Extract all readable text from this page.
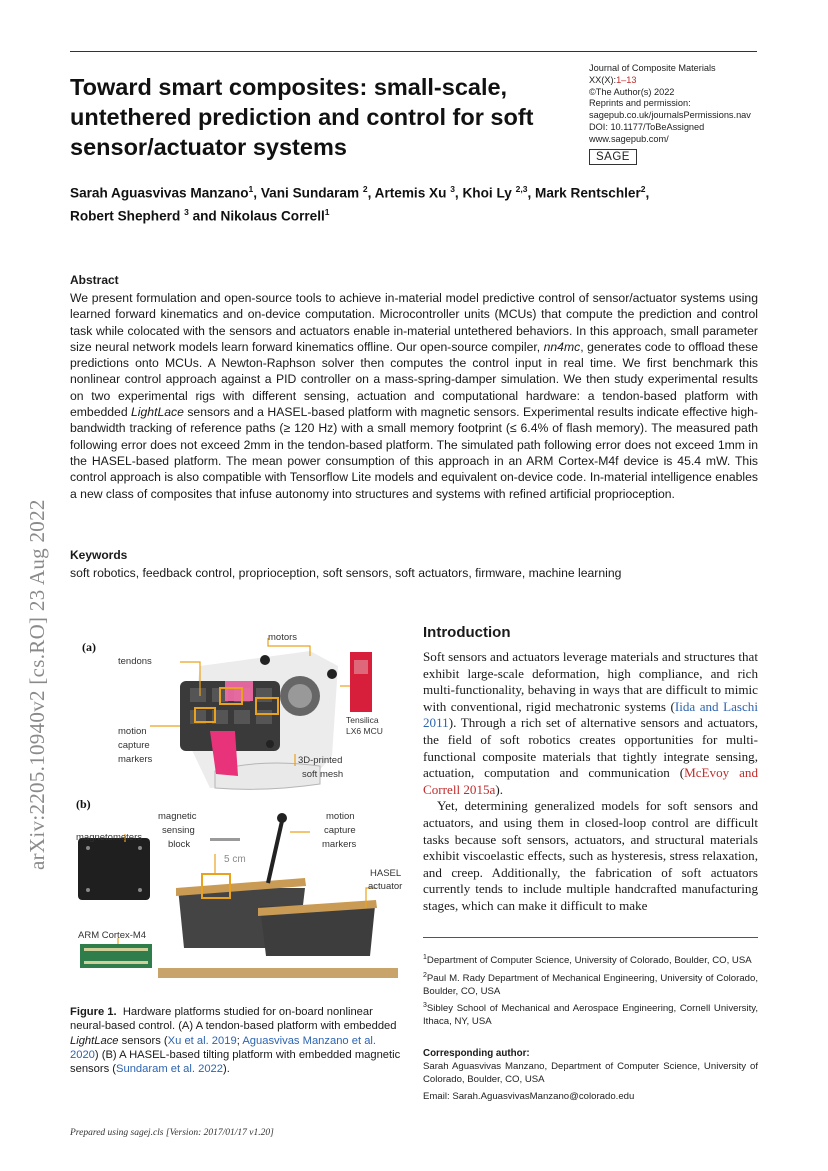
Toward smart composites: small-scale, untethered prediction and control for soft sensor/actuator systems
Journal of Composite Materials
XX(X):1–13
©The Author(s) 2022
Reprints and permission:
sagepub.co.uk/journalsPermissions.nav
DOI: 10.1177/ToBeAssigned
www.sagepub.com/
SAGE
Sarah Aguasvivas Manzano$^1$, Vani Sundaram $^2$, Artemis Xu $^3$, Khoi Ly $^{2,3}$, Mark Rentschler$^2$,
Robert Shepherd $^3$ and Nikolaus Correll$^1$
Abstract
We present formulation and open-source tools to achieve in-material model predictive control of sensor/actuator systems using learned forward kinematics and on-device computation. Microcontroller units (MCUs) that compute the prediction and control task while colocated with the sensors and actuators enable in-material untethered behaviors. In this approach, small parameter size neural network models learn forward kinematics offline. Our open-source compiler, nn4mc, generates code to offload these predictions onto MCUs. A Newton-Raphson solver then computes the control input in real time. We first benchmark this nonlinear control approach against a PID controller on a mass-spring-damper simulation. We then study experimental results on two experimental rigs with different sensing, actuation and computational hardware: a tendon-based platform with embedded LightLace sensors and a HASEL-based platform with magnetic sensors. Experimental results indicate effective high-bandwidth tracking of reference paths (≥ 120 Hz) with a small memory footprint (≤ 6.4% of flash memory). The measured path following error does not exceed 2mm in the tendon-based platform. The simulated path following error does not exceed 1mm in the HASEL-based platform. The mean power consumption of this approach in an ARM Cortex-M4f device is 45.4 mW. This control approach is also compatible with Tensorflow Lite models and equivalent on-device code. In-material intelligence enables a new class of composites that infuse autonomy into structures and systems with refined artificial proprioception.
Keywords
soft robotics, feedback control, proprioception, soft sensors, soft actuators, firmware, machine learning
arXiv:2205.10940v2 [cs.RO] 23 Aug 2022	(a)
motors
tendons
Tensilica
LX6 MCU
motion
capture
markers	3D-printed
soft mesh
(b)
magnetic
sensing
block
magnetometers
motion
capture
markers
5 cm
HASEL
actuator
ARM Cortex-M4
Figure 1. Hardware platforms studied for on-board nonlinear neural-based control. (A) A tendon-based platform with embedded LightLace sensors (Xu et al. 2019; Aguasvivas Manzano et al. 2020) (B) A HASEL-based tilting platform with embedded magnetic sensors (Sundaram et al. 2022).
Introduction

Soft sensors and actuators leverage materials and structures that exhibit large-scale deformation, high compliance, and rich multi-functionality, behaving in ways that are difficult to mimic with conventional, rigid mechatronic systems (Iida and Laschi 2011). Through a rich set of alternative sensors and actuators, the field of soft robotics creates opportunities for multi-functional composite materials that tightly integrate sensing, actuation, computation and communication (McEvoy and Correll 2015a).

Yet, determining generalized models for soft sensors and actuators, and using them in closed-loop control are difficult tasks because soft sensors, actuators, and structural materials exhibit viscoelastic effects, such as hysteresis, stress relaxation, and creep. Additionally, the fabrication of soft actuators currently tends to include multiple handcrafted manufacturing stages, which can make it difficult to make

$^1$Department of Computer Science, University of Colorado, Boulder, CO, USA
$^2$Paul M. Rady Department of Mechanical Engineering, University of Colorado, Boulder, CO, USA
$^3$Sibley School of Mechanical and Aerospace Engineering, Cornell University, Ithaca, NY, USA
Corresponding author:
Sarah Aguasvivas Manzano, Department of Computer Science, University of Colorado, Boulder, CO, USA
Email: Sarah.AguasvivasManzano@colorado.edu
Prepared using sagej.cls [Version: 2017/01/17 v1.20]
